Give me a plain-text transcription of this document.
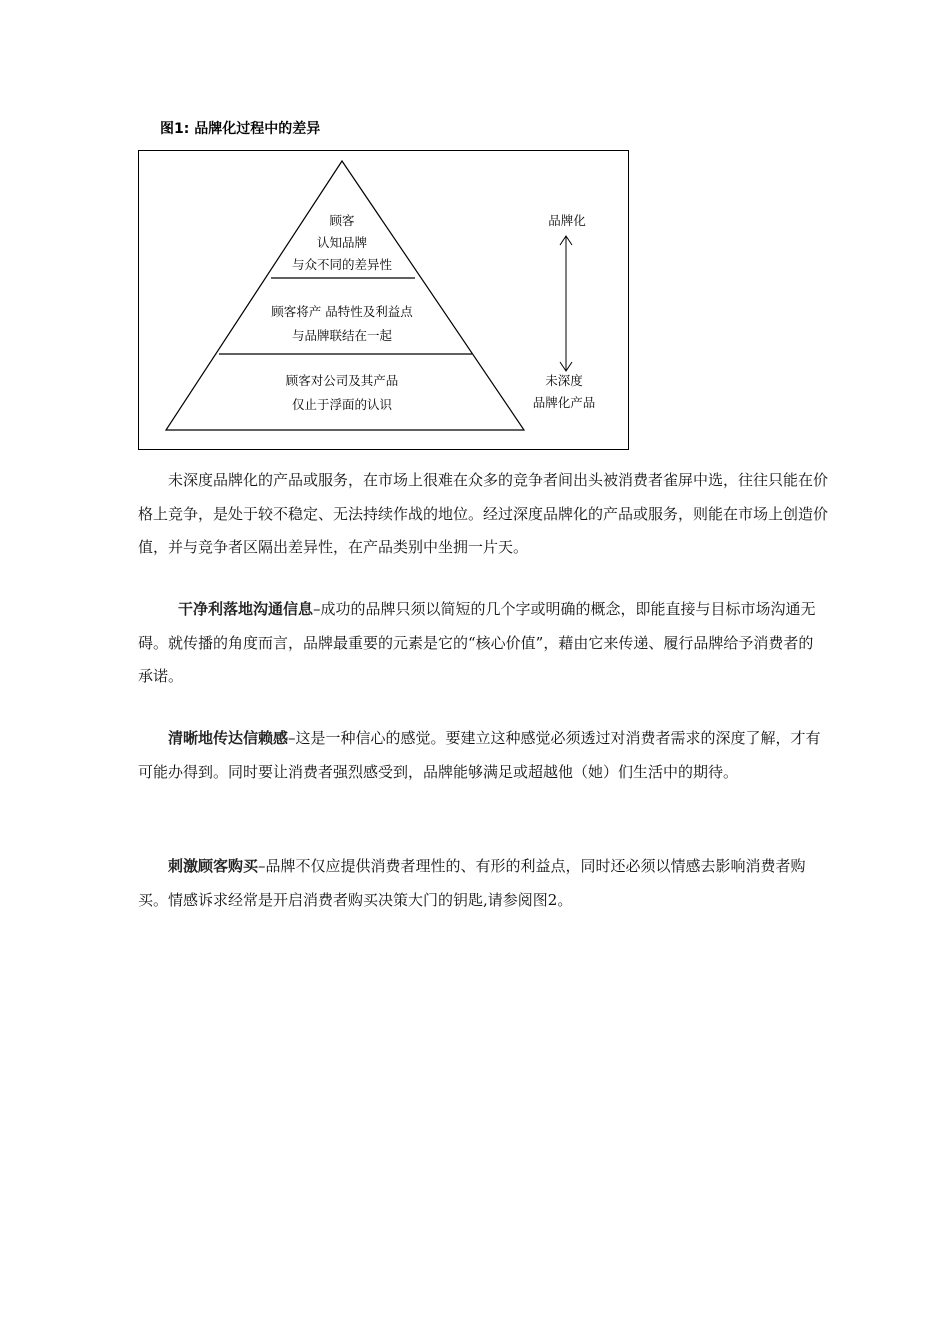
图1: 品牌化过程中的差异
顾客
认知品牌
与众不同的差异性
顾客将产 品特性及利益点
与品牌联结在一起
顾客对公司及其产品
仅止于浮面的认识
品牌化
未深度
品牌化产品

未深度品牌化的产品或服务，在市场上很难在众多的竞争者间出头被消费者雀屏中选，往往只能在价格上竞争，是处于较不稳定、无法持续作战的地位。经过深度品牌化的产品或服务，则能在市场上创造价值，并与竞争者区隔出差异性，在产品类别中坐拥一片天。

干净利落地沟通信息–成功的品牌只须以简短的几个字或明确的概念，即能直接与目标市场沟通无碍。就传播的角度而言，品牌最重要的元素是它的“核心价值”，藉由它来传递、履行品牌给予消费者的承诺。

清晰地传达信赖感–这是一种信心的感觉。要建立这种感觉必须透过对消费者需求的深度了解，才有可能办得到。同时要让消费者强烈感受到，品牌能够满足或超越他（她）们生活中的期待。

刺激顾客购买–品牌不仅应提供消费者理性的、有形的利益点，同时还必须以情感去影响消费者购买。情感诉求经常是开启消费者购买决策大门的钥匙,请参阅图2。
